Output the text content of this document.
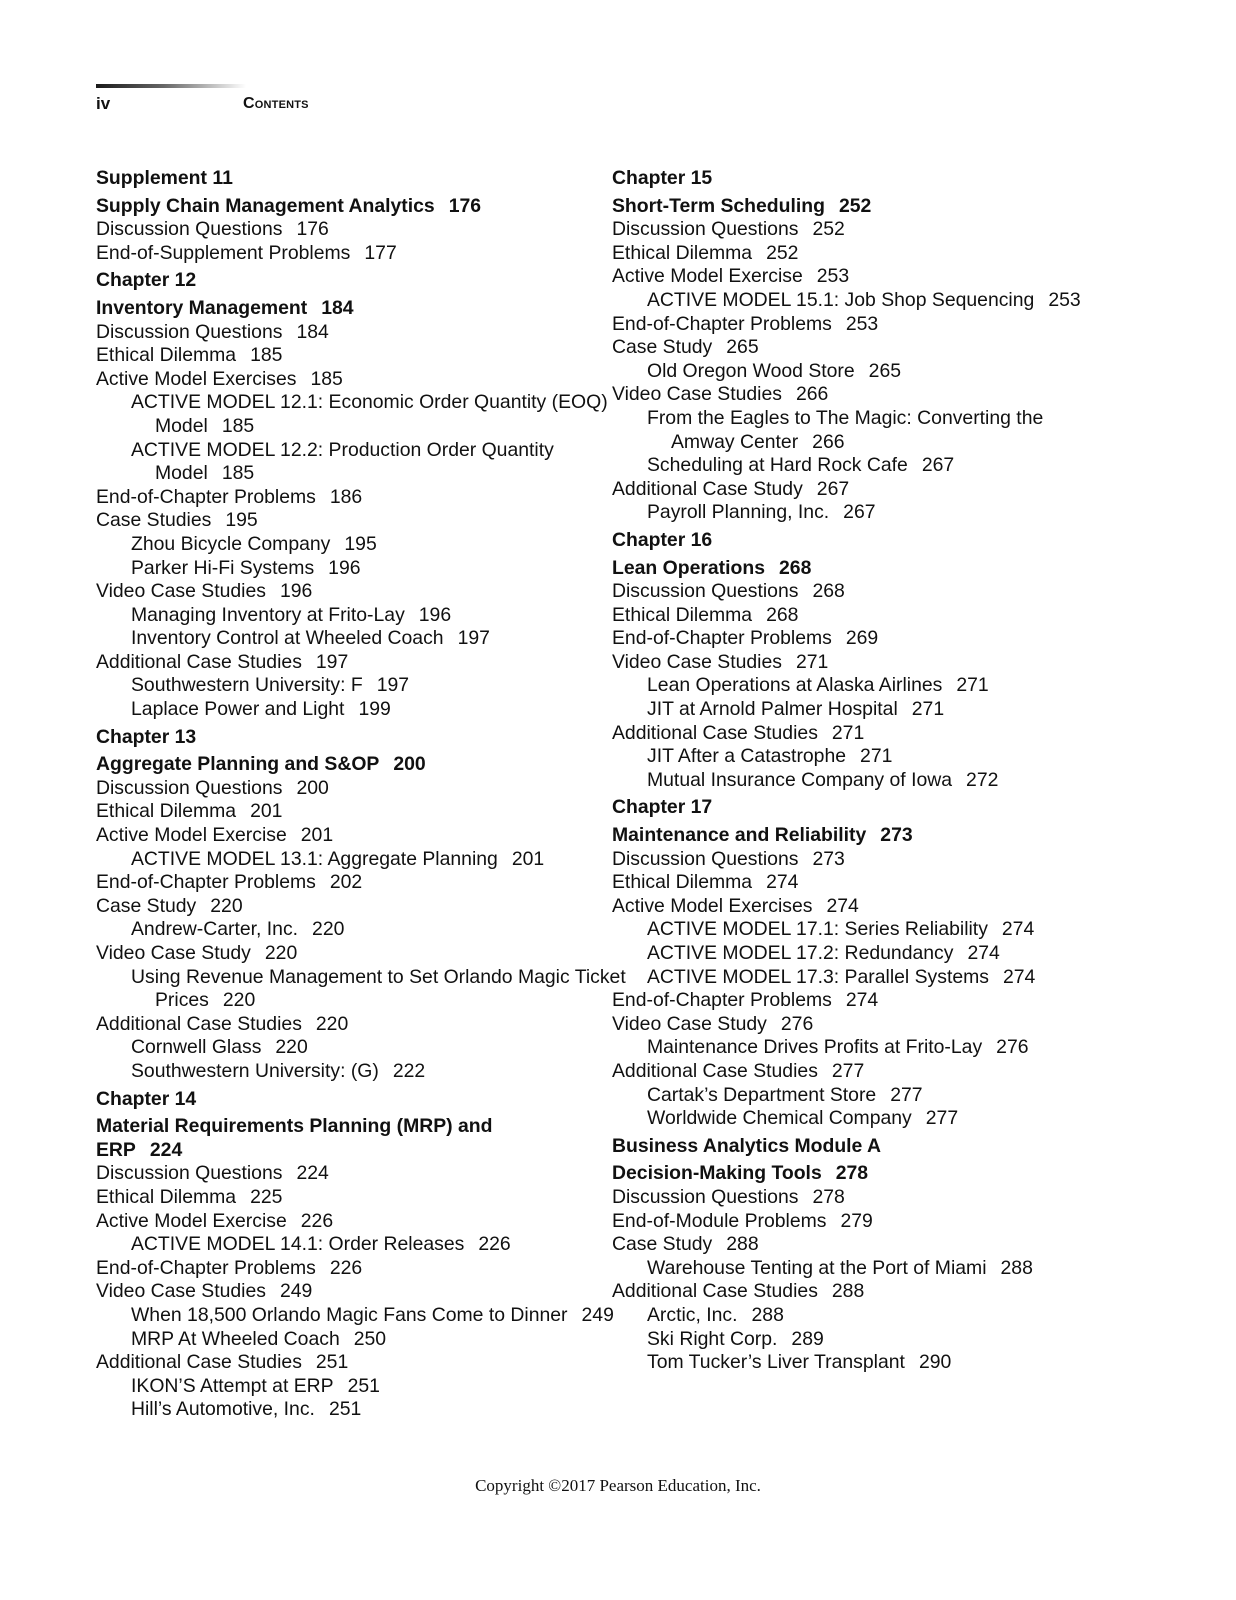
iv	Contents
Supplement 11
Supply Chain Management Analytics 176
Discussion Questions 176
End-of-Supplement Problems 177
Chapter 12
Inventory Management 184
Discussion Questions 184
Ethical Dilemma 185
Active Model Exercises 185
ACTIVE MODEL 12.1: Economic Order Quantity (EOQ) Model 185
ACTIVE MODEL 12.2: Production Order Quantity Model 185
End-of-Chapter Problems 186
Case Studies 195
Zhou Bicycle Company 195
Parker Hi-Fi Systems 196
Video Case Studies 196
Managing Inventory at Frito-Lay 196
Inventory Control at Wheeled Coach 197
Additional Case Studies 197
Southwestern University: F 197
Laplace Power and Light 199
Chapter 13
Aggregate Planning and S&OP 200
Discussion Questions 200
Ethical Dilemma 201
Active Model Exercise 201
ACTIVE MODEL 13.1: Aggregate Planning 201
End-of-Chapter Problems 202
Case Study 220
Andrew-Carter, Inc. 220
Video Case Study 220
Using Revenue Management to Set Orlando Magic Ticket Prices 220
Additional Case Studies 220
Cornwell Glass 220
Southwestern University: (G) 222
Chapter 14
Material Requirements Planning (MRP) and ERP 224
Discussion Questions 224
Ethical Dilemma 225
Active Model Exercise 226
ACTIVE MODEL 14.1: Order Releases 226
End-of-Chapter Problems 226
Video Case Studies 249
When 18,500 Orlando Magic Fans Come to Dinner 249
MRP At Wheeled Coach 250
Additional Case Studies 251
IKON’S Attempt at ERP 251
Hill’s Automotive, Inc. 251
Chapter 15
Short-Term Scheduling 252
Discussion Questions 252
Ethical Dilemma 252
Active Model Exercise 253
ACTIVE MODEL 15.1: Job Shop Sequencing 253
End-of-Chapter Problems 253
Case Study 265
Old Oregon Wood Store 265
Video Case Studies 266
From the Eagles to The Magic: Converting the Amway Center 266
Scheduling at Hard Rock Cafe 267
Additional Case Study 267
Payroll Planning, Inc. 267
Chapter 16
Lean Operations 268
Discussion Questions 268
Ethical Dilemma 268
End-of-Chapter Problems 269
Video Case Studies 271
Lean Operations at Alaska Airlines 271
JIT at Arnold Palmer Hospital 271
Additional Case Studies 271
JIT After a Catastrophe 271
Mutual Insurance Company of Iowa 272
Chapter 17
Maintenance and Reliability 273
Discussion Questions 273
Ethical Dilemma 274
Active Model Exercises 274
ACTIVE MODEL 17.1: Series Reliability 274
ACTIVE MODEL 17.2: Redundancy 274
ACTIVE MODEL 17.3: Parallel Systems 274
End-of-Chapter Problems 274
Video Case Study 276
Maintenance Drives Profits at Frito-Lay 276
Additional Case Studies 277
Cartak’s Department Store 277
Worldwide Chemical Company 277
Business Analytics Module A
Decision-Making Tools 278
Discussion Questions 278
End-of-Module Problems 279
Case Study 288
Warehouse Tenting at the Port of Miami 288
Additional Case Studies 288
Arctic, Inc. 288
Ski Right Corp. 289
Tom Tucker’s Liver Transplant 290
Copyright ©2017 Pearson Education, Inc.
